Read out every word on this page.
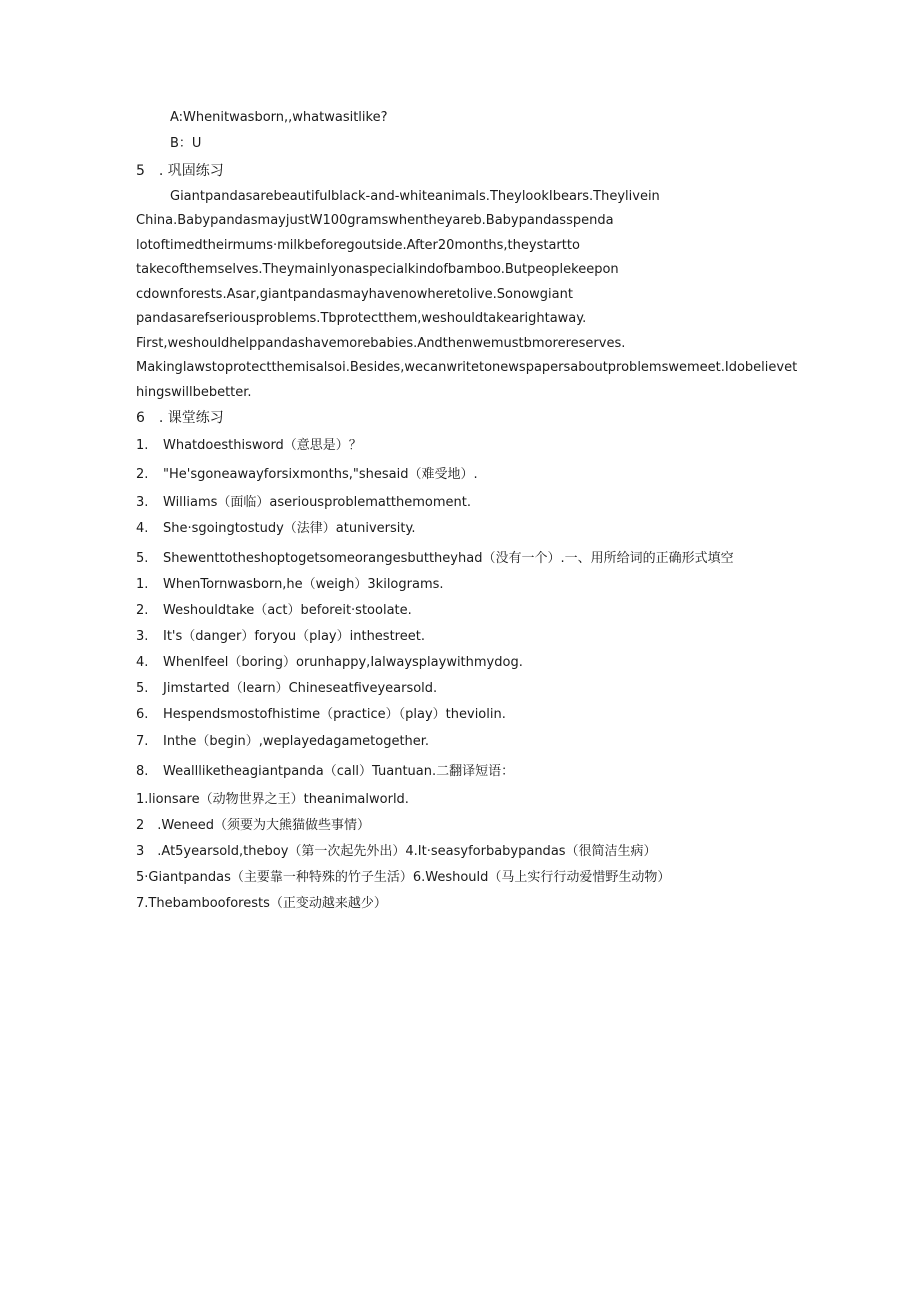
A:Whenitwasborn,,whatwasitlike?
B：U
5　. 巩固练习
Giantpandasarebeautifulblack-and-whiteanimals.TheylookIbears.Theylivein
China.BabypandasmayjustW100gramswhentheyareb.Babypandasspenda
lotoftimedtheirmums·milkbeforegoutside.After20months,theystartto
takecofthemselves.Theymainlyonaspecialkindofbamboo.Butpeoplekeepon
cdownforests.Asar,giantpandasmayhavenowheretolive.Sonowgiant
pandasarefseriousproblems.Tbprotectthem,weshouldtakearightaway.
First,weshouldhelppandashavemorebabies.Andthenwemustbmorereserves.
Makinglawstoprotectthemisalsoi.Besides,wecanwritetonewspapersaboutproblemswemeet.Idobelievet
hingswillbebetter.
6　. 课堂练习
1. Whatdoesthisword（意思是）？
2. "He'sgoneawayforsixmonths,"shesaid（难受地）.
3. Williams（面临）aseriousproblematthemoment.
4. She·sgoingtostudy（法律）atuniversity.
5. Shewenttotheshoptogetsomeorangesbuttheyhad（没有一个）.一、用所给词的正确形式填空
1. WhenTornwasborn,he（weigh）3kilograms.
2. Weshouldtake（act）beforeit·stoolate.
3. It's（danger）foryou（play）inthestreet.
4. WhenIfeel（boring）orunhappy,Ialwaysplaywithmydog.
5. Jimstarted（learn）Chineseatfiveyearsold.
6. Hespendsmostofhistime（practice）（play）theviolin.
7. Inthe（begin）,weplayedagametogether.
8. Weallliketheagiantpanda（call）Tuantuan.二翻译短语：
1.lionsare（动物世界之王）theanimalworld.
2　.Weneed（须要为大熊猫做些事情）
3　.At5yearsold,theboy（第一次起先外出）4.It·seasyforbabypandas（很简洁生病）
5·Giantpandas（主要靠一种特殊的竹子生活）6.Weshould（马上实行行动爱惜野生动物）
7.Thebambooforests（正变动越来越少）
